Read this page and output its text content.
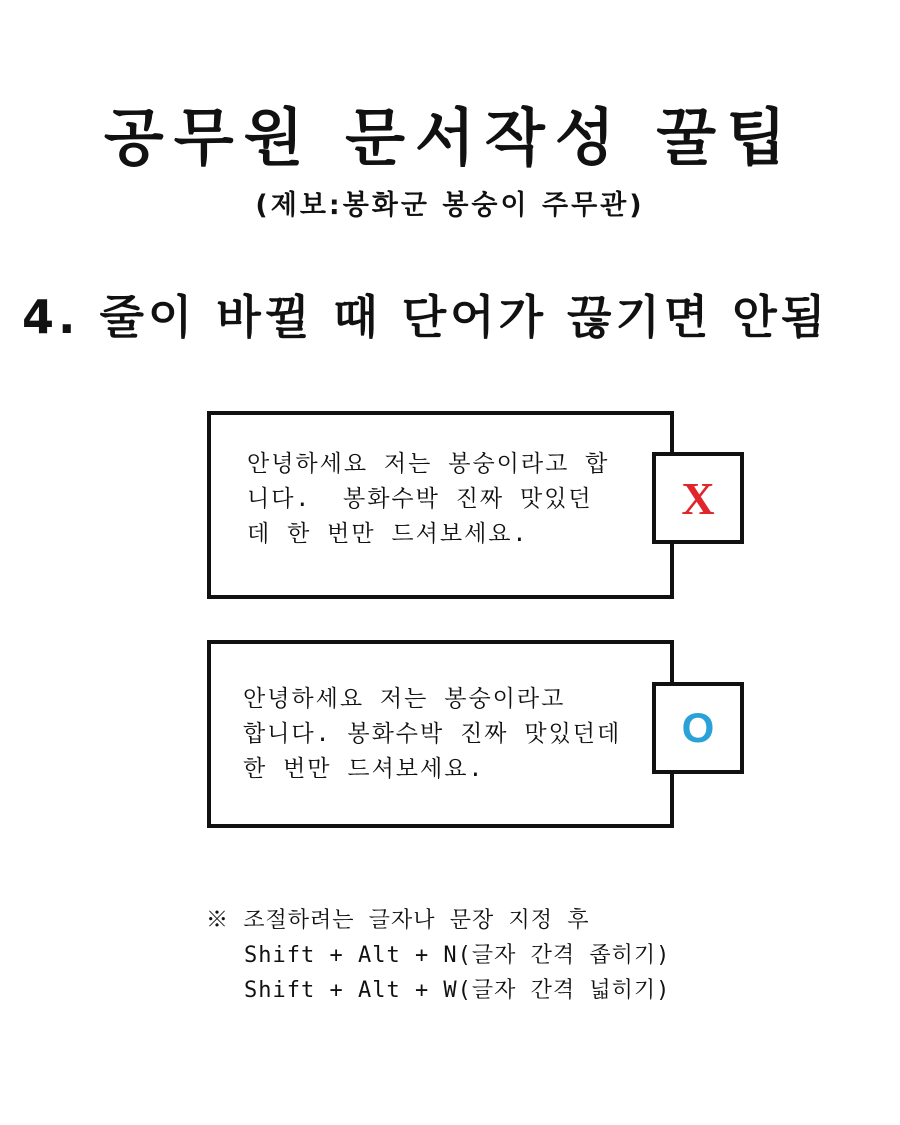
공무원 문서작성 꿀팁
(제보:봉화군 봉숭이 주무관)
4. 줄이 바뀔 때 단어가 끊기면 안됨
안녕하세요 저는 봉숭이라고 합
니다.  봉화수박 진짜 맛있던
데 한 번만 드셔보세요.
X
안녕하세요 저는 봉숭이라고
합니다. 봉화수박 진짜 맛있던데
한 번만 드셔보세요.
O
※ 조절하려는 글자나 문장 지정 후
Shift + Alt + N(글자 간격 좁히기)
Shift + Alt + W(글자 간격 넓히기)
